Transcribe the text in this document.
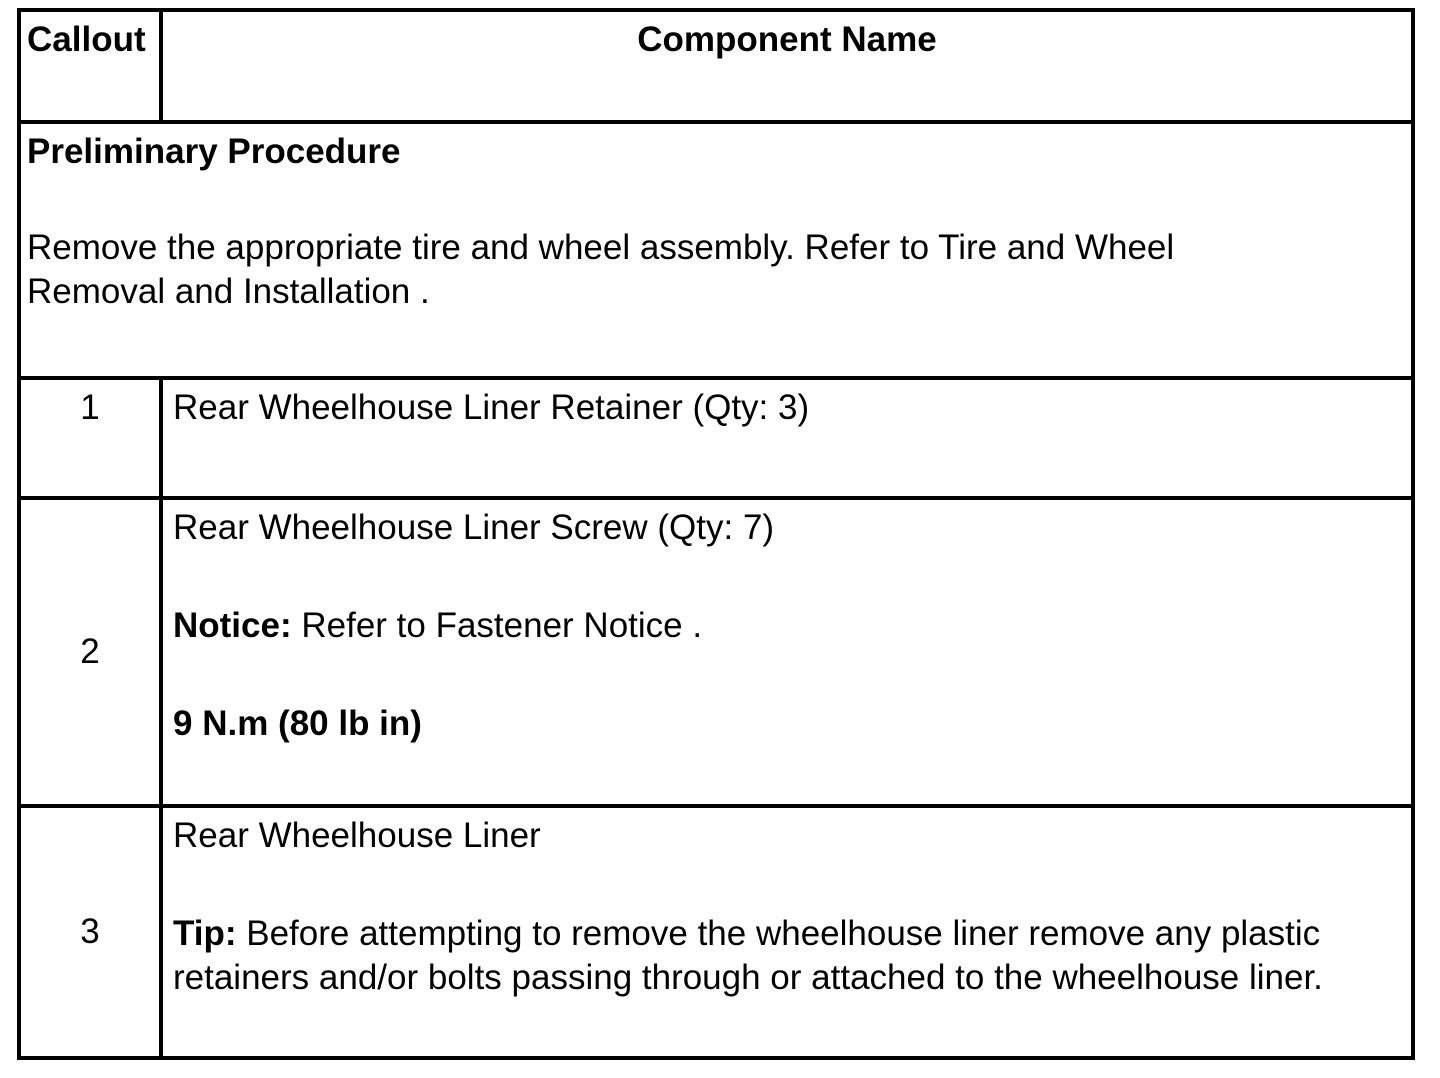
Callout	Component Name

Preliminary Procedure
Remove the appropriate tire and wheel assembly. Refer to Tire and Wheel Removal and Installation .	

1	Rear Wheelhouse Liner Retainer (Qty: 3)

2	Rear Wheelhouse Liner Screw (Qty: 7)
Notice: Refer to Fastener Notice .
9 N.m (80 lb in)

3	Rear Wheelhouse Liner
Tip: Before attempting to remove the wheelhouse liner remove any plastic retainers and/or bolts passing through or attached to the wheelhouse liner.
